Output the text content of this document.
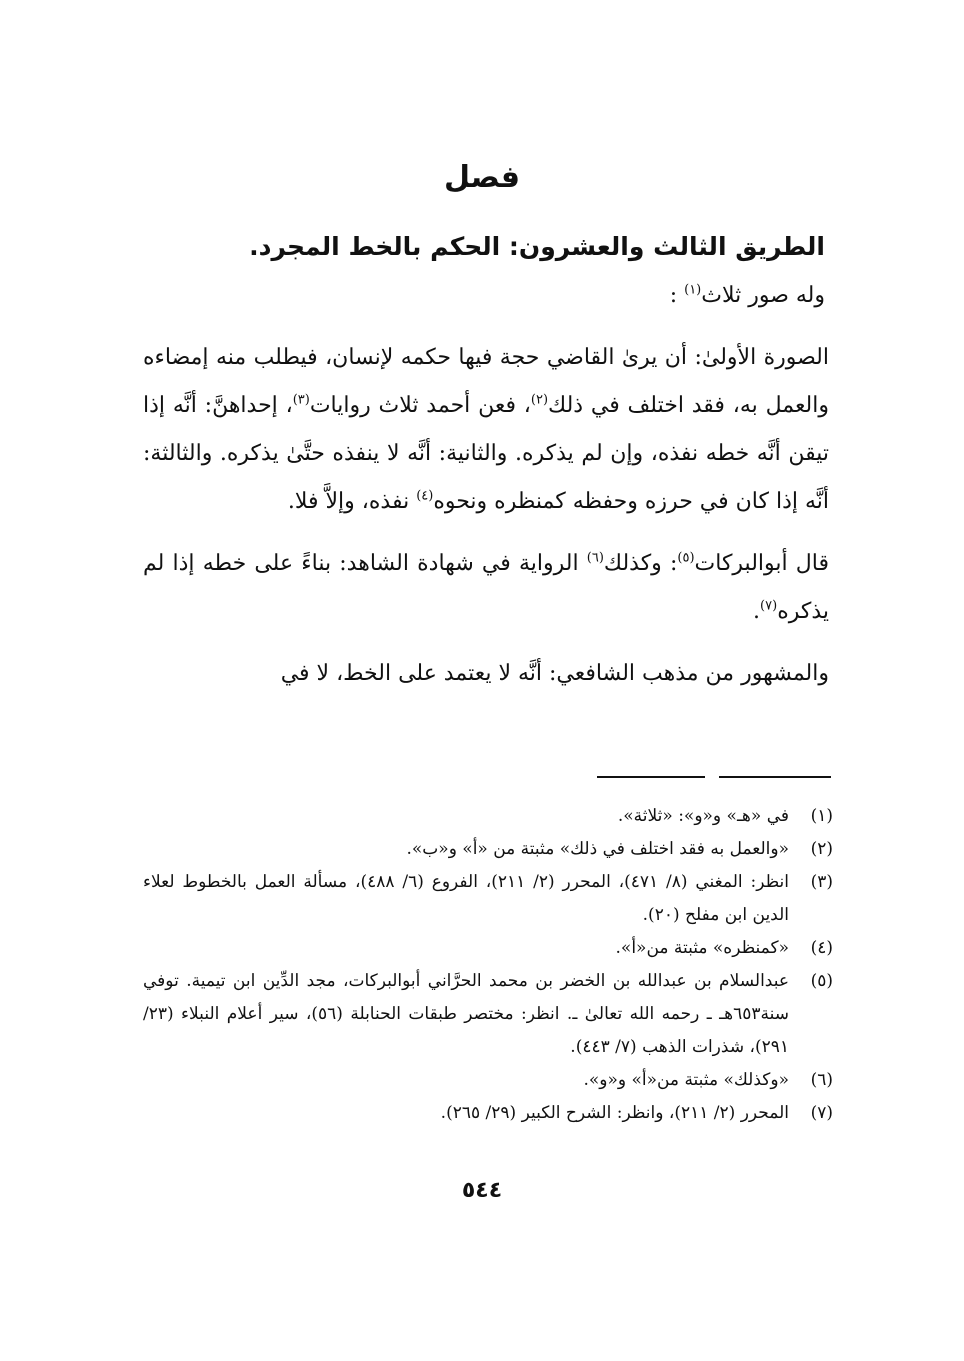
فصل

الطريق الثالث والعشرون: الحكم بالخط المجرد.

وله صور ثلاث$^{(١)}$ :

الصورة الأولىٰ: أن يرىٰ القاضي حجة فيها حكمه لإنسان، فيطلب منه إمضاءه والعمل به، فقد اختلف في ذلك$^{(٢)}$، فعن أحمد ثلاث روايات$^{(٣)}$، إحداهنَّ: أنَّه إذا تيقن أنَّه خطه نفذه، وإن لم يذكره. والثانية: أنَّه لا ينفذه حتَّىٰ يذكره. والثالثة: أنَّه إذا كان في حرزه وحفظه كمنظره ونحوه$^{(٤)}$ نفذه، وإلاَّ فلا.

قال أبوالبركات$^{(٥)}$: وكذلك$^{(٦)}$ الرواية في شهادة الشاهد: بناءً على خطه إذا لم يذكره$^{(٧)}$.

والمشهور من مذهب الشافعي: أنَّه لا يعتمد على الخط، لا في

(١)
في «هـ» و«و»: «ثلاثة».
(٢)
«والعمل به فقد اختلف في ذلك» مثبتة من «أ» و«ب».
(٣)
انظر: المغني (٨/ ٤٧١)، المحرر (٢/ ٢١١)، الفروع (٦/ ٤٨٨)، مسألة العمل بالخطوط لعلاء الدين ابن مفلح (٢٠).
(٤)
«كمنظره» مثبتة من«أ».
(٥)
عبدالسلام بن عبدالله بن الخضر بن محمد الحرَّاني أبوالبركات، مجد الدِّين ابن تيمية. توفي سنة٦٥٣هـ ـ رحمه الله تعالىٰ ـ. انظر: مختصر طبقات الحنابلة (٥٦)، سير أعلام النبلاء (٢٣/ ٢٩١)، شذرات الذهب (٧/ ٤٤٣).
(٦)
«وكذلك» مثبتة من«أ» و«و».
(٧)
المحرر (٢/ ٢١١)، وانظر: الشرح الكبير (٢٩/ ٢٦٥).
٥٤٤
